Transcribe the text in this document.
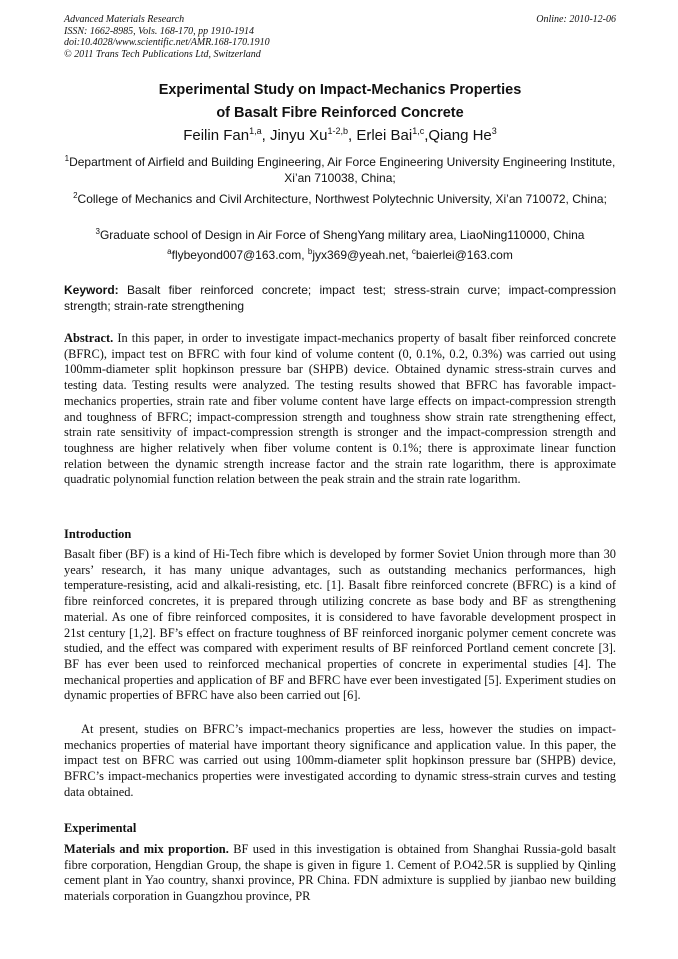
Advanced Materials Research
ISSN: 1662-8985, Vols. 168-170, pp 1910-1914
doi:10.4028/www.scientific.net/AMR.168-170.1910
© 2011 Trans Tech Publications Ltd, Switzerland
Online: 2010-12-06
Experimental Study on Impact-Mechanics Properties
of Basalt Fibre Reinforced Concrete
Feilin Fan$^{1,a}$, Jinyu Xu$^{1-2,b}$, Erlei Bai$^{1,c}$,Qiang He$^3$
$^1$Department of Airfield and Building Engineering, Air Force Engineering University Engineering Institute, Xi’an 710038, China;
$^2$College of Mechanics and Civil Architecture, Northwest Polytechnic University, Xi’an 710072, China;
$^3$Graduate school of Design in Air Force of ShengYang military area, LiaoNing110000, China
$^a$flybeyond007@163.com, $^b$jyx369@yeah.net, $^c$baierlei@163.com
Keyword: Basalt fiber reinforced concrete; impact test; stress-strain curve; impact-compression strength; strain-rate strengthening
Abstract. In this paper, in order to investigate impact-mechanics property of basalt fiber reinforced concrete (BFRC), impact test on BFRC with four kind of volume content (0, 0.1%, 0.2, 0.3%) was carried out using 100mm-diameter split hopkinson pressure bar (SHPB) device. Obtained dynamic stress-strain curves and testing data. Testing results were analyzed. The testing results showed that BFRC has favorable impact-mechanics properties, strain rate and fiber volume content have large effects on impact-compression strength and toughness of BFRC; impact-compression strength and toughness show strain rate strengthening effect, strain rate sensitivity of impact-compression strength is stronger and the impact-compression strength and toughness are higher relatively when fiber volume content is 0.1%; there is approximate linear function relation between the dynamic strength increase factor and the strain rate logarithm, there is approximate quadratic polynomial function relation between the peak strain and the strain rate logarithm.
Introduction
Basalt fiber (BF) is a kind of Hi-Tech fibre which is developed by former Soviet Union through more than 30 years’ research, it has many unique advantages, such as outstanding mechanics performances, high temperature-resisting, acid and alkali-resisting, etc. [1]. Basalt fibre reinforced concrete (BFRC) is a kind of fibre reinforced concretes, it is prepared through utilizing concrete as base body and BF as strengthening material. As one of fibre reinforced composites, it is considered to have favorable development prospect in 21st century [1,2]. BF’s effect on fracture toughness of BF reinforced inorganic polymer cement concrete was studied, and the effect was compared with experiment results of BF reinforced Portland cement concrete [3]. BF has ever been used to reinforced mechanical properties of concrete in experimental studies [4]. The mechanical properties and application of BF and BFRC have ever been investigated [5]. Experiment studies on dynamic properties of BFRC have also been carried out [6].
At present, studies on BFRC’s impact-mechanics properties are less, however the studies on impact-mechanics properties of material have important theory significance and application value. In this paper, the impact test on BFRC was carried out using 100mm-diameter split hopkinson pressure bar (SHPB) device, BFRC’s impact-mechanics properties were investigated according to dynamic stress-strain curves and testing data obtained.
Experimental
Materials and mix proportion. BF used in this investigation is obtained from Shanghai Russia-gold basalt fibre corporation, Hengdian Group, the shape is given in figure 1. Cement of P.O42.5R is supplied by Qinling cement plant in Yao country, shanxi province, PR China. FDN admixture is supplied by jianbao new building materials corporation in Guangzhou province, PR
